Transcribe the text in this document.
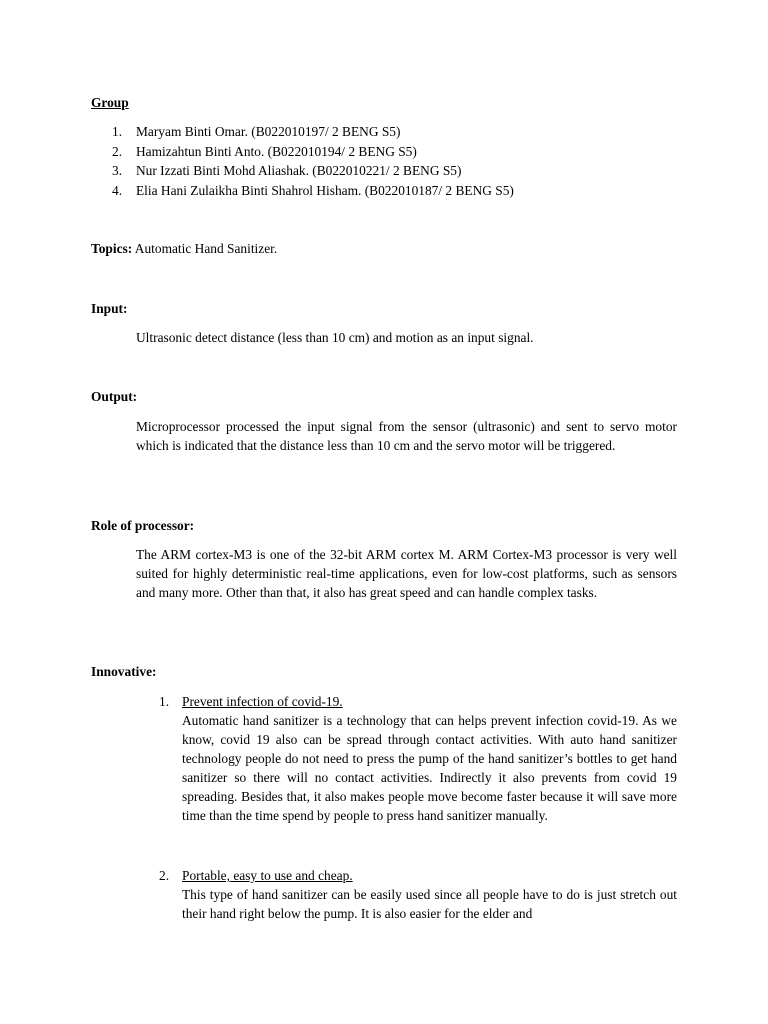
Group
1. Maryam Binti Omar. (B022010197/ 2 BENG S5)
2. Hamizahtun Binti Anto. (B022010194/ 2 BENG S5)
3. Nur Izzati Binti Mohd Aliashak. (B022010221/ 2 BENG S5)
4. Elia Hani Zulaikha Binti Shahrol Hisham. (B022010187/ 2 BENG S5)
Topics: Automatic Hand Sanitizer.
Input:
Ultrasonic detect distance (less than 10 cm) and motion as an input signal.
Output:
Microprocessor processed the input signal from the sensor (ultrasonic) and sent to servo motor which is indicated that the distance less than 10 cm and the servo motor will be triggered.
Role of processor:
The ARM cortex-M3 is one of the 32-bit ARM cortex M. ARM Cortex-M3 processor is very well suited for highly deterministic real-time applications, even for low-cost platforms, such as sensors and many more. Other than that, it also has great speed and can handle complex tasks.
Innovative:
1. Prevent infection of covid-19.
Automatic hand sanitizer is a technology that can helps prevent infection covid-19. As we know, covid 19 also can be spread through contact activities. With auto hand sanitizer technology people do not need to press the pump of the hand sanitizer’s bottles to get hand sanitizer so there will no contact activities. Indirectly it also prevents from covid 19 spreading. Besides that, it also makes people move become faster because it will save more time than the time spend by people to press hand sanitizer manually.
2. Portable, easy to use and cheap.
This type of hand sanitizer can be easily used since all people have to do is just stretch out their hand right below the pump. It is also easier for the elder and
